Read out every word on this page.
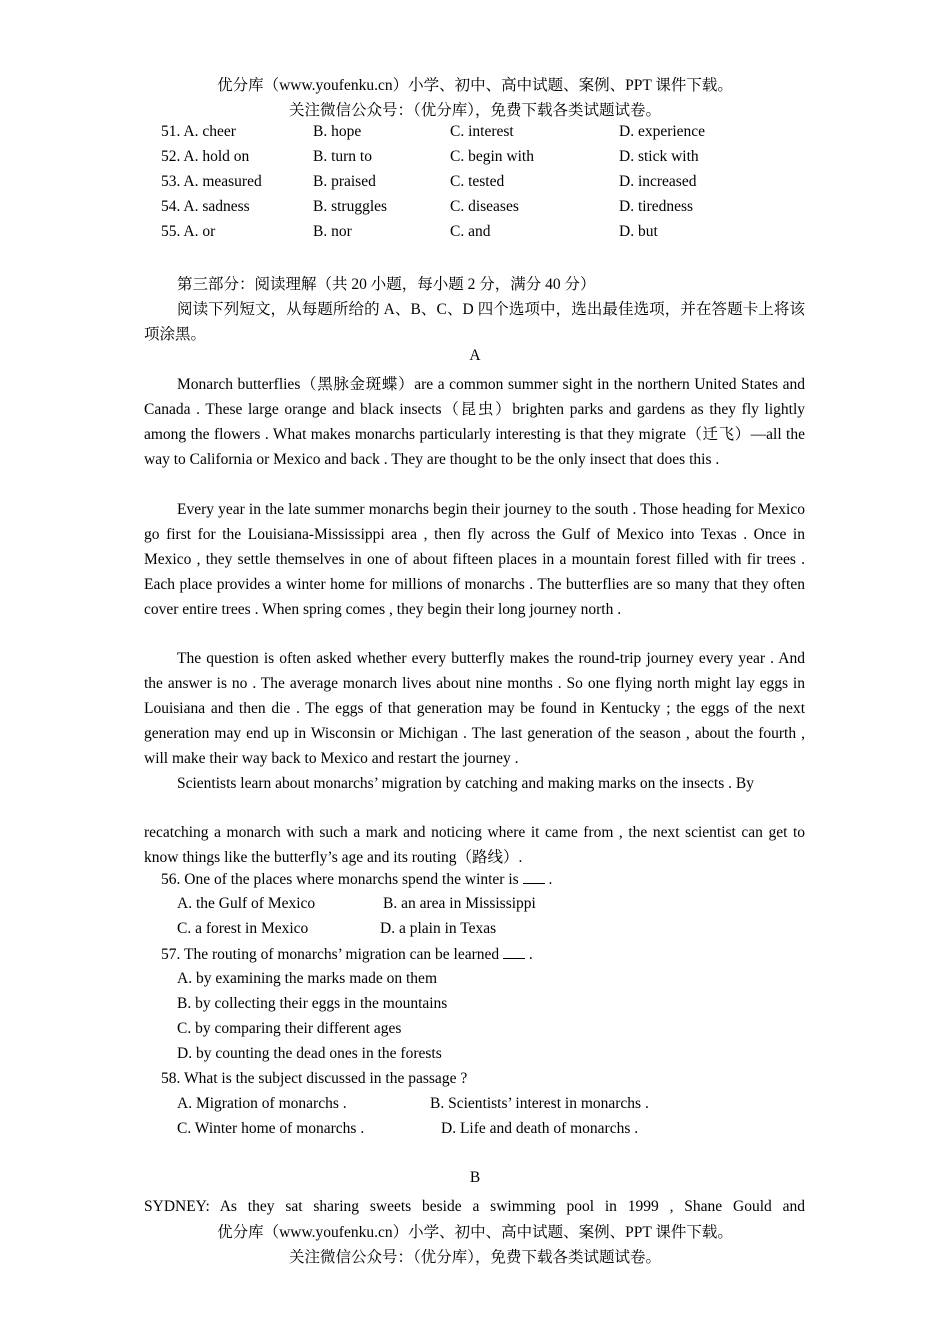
优分库（www.youfenku.cn）小学、初中、高中试题、案例、PPT 课件下载。
关注微信公众号：（优分库），免费下载各类试题试卷。
51. A. cheer	B. hope	C. interest	D. experience
52. A. hold on	B. turn to	C. begin with	D. stick with
53. A. measured	B. praised	C. tested	D. increased
54. A. sadness	B. struggles	C. diseases	D. tiredness
55. A. or	B. nor	C. and	D. but
第三部分：阅读理解（共 20 小题，每小题 2 分，满分 40 分）
阅读下列短文，从每题所给的 A、B、C、D 四个选项中，选出最佳选项，并在答题卡上将该项涂黑。
A
Monarch butterflies（黑脉金斑蝶）are a common summer sight in the northern United States and Canada . These large orange and black insects（昆虫）brighten parks and gardens as they fly lightly among the flowers . What makes monarchs particularly interesting is that they migrate（迁飞）—all the way to California or Mexico and back . They are thought to be the only insect that does this .
Every year in the late summer monarchs begin their journey to the south . Those heading for Mexico go first for the Louisiana-Mississippi area , then fly across the Gulf of Mexico into Texas . Once in Mexico , they settle themselves in one of about fifteen places in a mountain forest filled with fir trees . Each place provides a winter home for millions of monarchs . The butterflies are so many that they often cover entire trees . When spring comes , they begin their long journey north .
The question is often asked whether every butterfly makes the round-trip journey every year . And the answer is no . The average monarch lives about nine months . So one flying north might lay eggs in Louisiana and then die . The eggs of that generation may be found in Kentucky ; the eggs of the next generation may end up in Wisconsin or Michigan . The last generation of the season , about the fourth , will make their way back to Mexico and restart the journey .
Scientists learn about monarchs’ migration by catching and making marks on the insects . By
recatching a monarch with such a mark and noticing where it came from , the next scientist can get to know things like the butterfly’s age and its routing（路线）.
56. One of the places where monarchs spend the winter is  .
A. the Gulf of Mexico	B. an area in Mississippi
C. a forest in Mexico	D. a plain in Texas
57. The routing of monarchs’ migration can be learned  .
A. by examining the marks made on them
B. by collecting their eggs in the mountains
C. by comparing their different ages
D. by counting the dead ones in the forests
58. What is the subject discussed in the passage ?
A. Migration of monarchs .	B. Scientists’ interest in monarchs .
C. Winter home of monarchs .	D. Life and death of monarchs .
B
SYDNEY: As they sat sharing sweets beside a swimming pool in 1999 , Shane Gould and
优分库（www.youfenku.cn）小学、初中、高中试题、案例、PPT 课件下载。
关注微信公众号：（优分库），免费下载各类试题试卷。
